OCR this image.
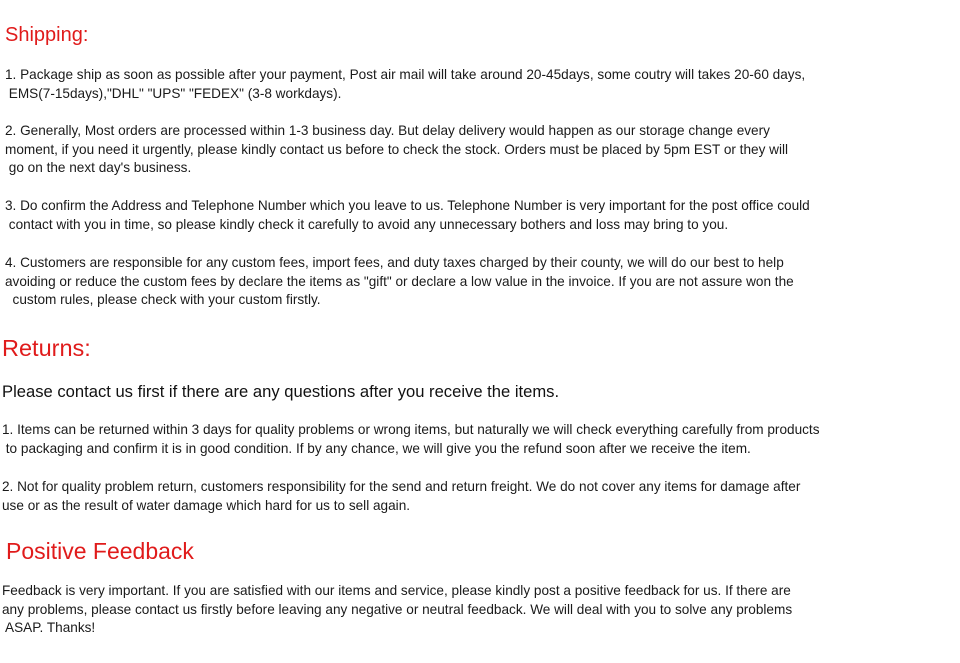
Shipping:

1. Package ship as soon as possible after your payment, Post air mail will take around 20-45days, some coutry will takes 20-60 days,
EMS(7-15days),"DHL" "UPS" "FEDEX" (3-8 workdays).

2. Generally, Most orders are processed within 1-3 business day. But delay delivery would happen as our storage change every
moment, if you need it urgently, please kindly contact us before to check the stock. Orders must be placed by 5pm EST or they will
go on the next day's business.

3. Do confirm the Address and Telephone Number which you leave to us. Telephone Number is very important for the post office could
contact with you in time, so please kindly check it carefully to avoid any unnecessary bothers and loss may bring to you.

4. Customers are responsible for any custom fees, import fees, and duty taxes charged by their county, we will do our best to help
avoiding or reduce the custom fees by declare the items as "gift" or declare a low value in the invoice. If you are not assure won the
custom rules, please check with your custom firstly.

Returns:

Please contact us first if there are any questions after you receive the items.

1. Items can be returned within 3 days for quality problems or wrong items, but naturally we will check everything carefully from products
to packaging and confirm it is in good condition. If by any chance, we will give you the refund soon after we receive the item.

2. Not for quality problem return, customers responsibility for the send and return freight. We do not cover any items for damage after
use or as the result of water damage which hard for us to sell again.

Positive Feedback

Feedback is very important. If you are satisfied with our items and service, please kindly post a positive feedback for us. If there are
any problems, please contact us firstly before leaving any negative or neutral feedback. We will deal with you to solve any problems
ASAP. Thanks!
